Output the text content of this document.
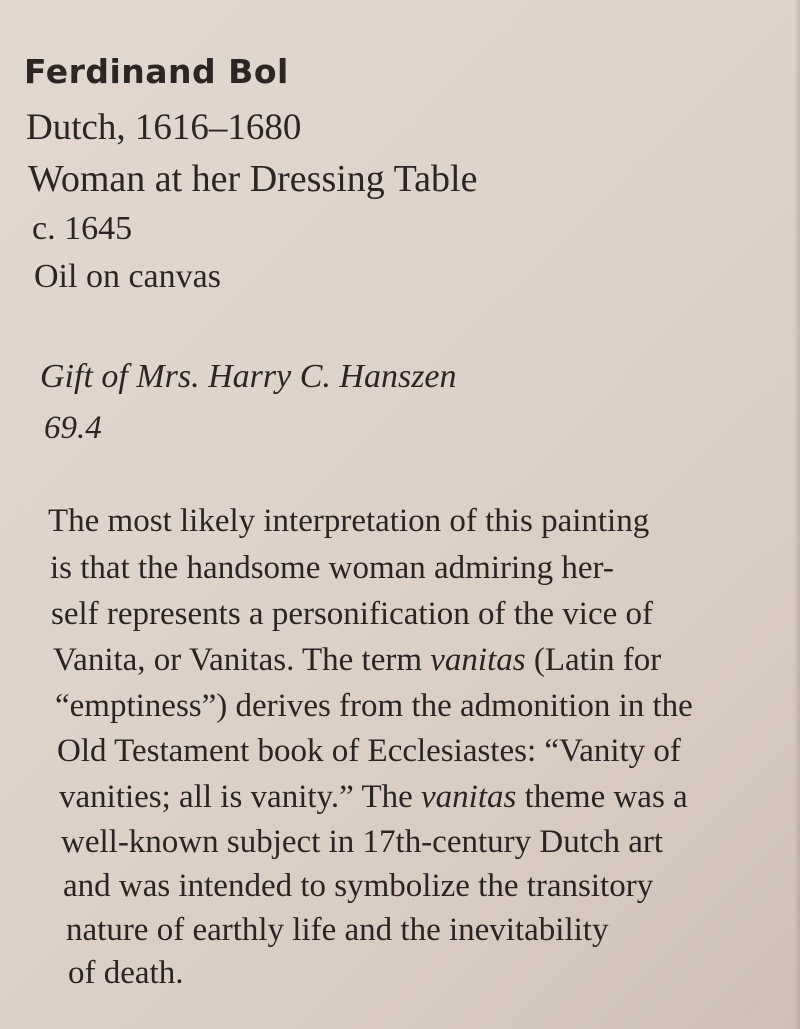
Ferdinand Bol

Dutch, 1616–1680

Woman at her Dressing Table

c. 1645

Oil on canvas

Gift of Mrs. Harry C. Hanszen

69.4

The most likely interpretation of this painting

is that the handsome woman admiring her-

self represents a personification of the vice of

Vanita, or Vanitas. The term vanitas (Latin for

“emptiness”) derives from the admonition in the

Old Testament book of Ecclesiastes: “Vanity of

vanities; all is vanity.” The vanitas theme was a

well-known subject in 17th-century Dutch art

and was intended to symbolize the transitory

nature of earthly life and the inevitability

of death.
